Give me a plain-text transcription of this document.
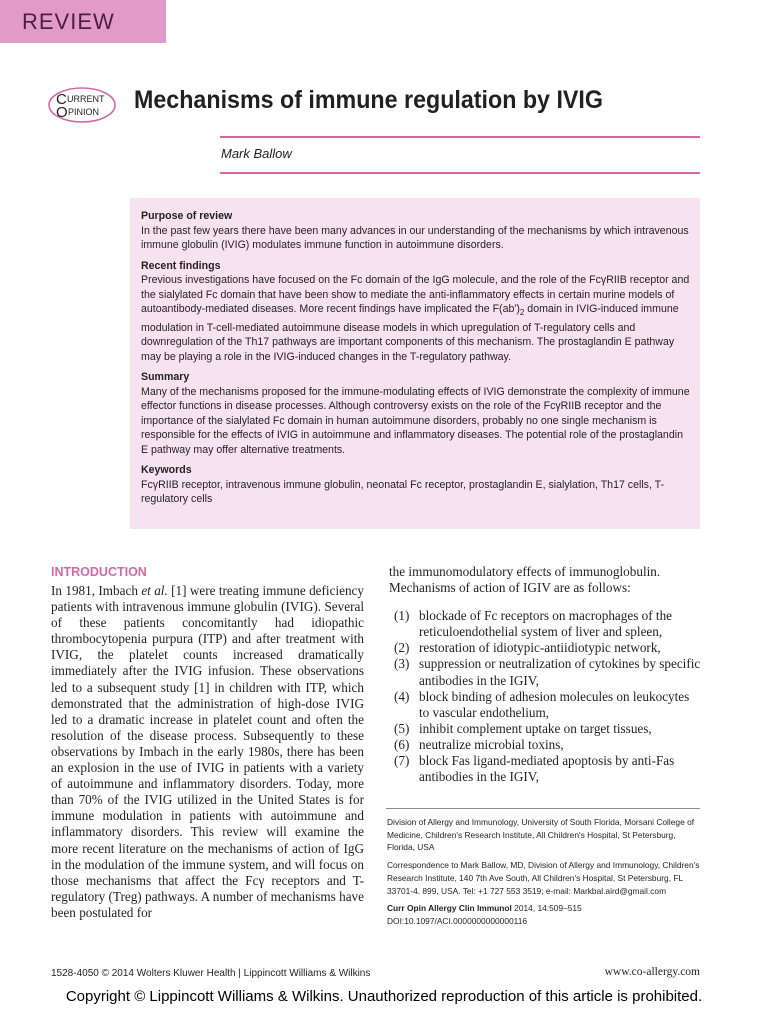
REVIEW
C URRENT
O PINION Mechanisms of immune regulation by IVIG
Mark Ballow
Purpose of review

In the past few years there have been many advances in our understanding of the mechanisms by which intravenous immune globulin (IVIG) modulates immune function in autoimmune disorders.

Recent findings

Previous investigations have focused on the Fc domain of the IgG molecule, and the role of the FcγRIIB receptor and the sialylated Fc domain that have been show to mediate the anti-inflammatory effects in certain murine models of autoantibody-mediated diseases. More recent findings have implicated the $F(ab')_2$ domain in IVIG-induced immune modulation in T-cell-mediated autoimmune disease models in which upregulation of T-regulatory cells and downregulation of the Th17 pathways are important components of this mechanism. The prostaglandin E pathway may be playing a role in the IVIG-induced changes in the T-regulatory pathway.

Summary

Many of the mechanisms proposed for the immune-modulating effects of IVIG demonstrate the complexity of immune effector functions in disease processes. Although controversy exists on the role of the FcγRIIB receptor and the importance of the sialylated Fc domain in human autoimmune disorders, probably no one single mechanism is responsible for the effects of IVIG in autoimmune and inflammatory diseases. The potential role of the prostaglandin E pathway may offer alternative treatments.

Keywords

FcγRIIB receptor, intravenous immune globulin, neonatal Fc receptor, prostaglandin E, sialylation, Th17 cells, T-regulatory cells

INTRODUCTION
In 1981, Imbach et al. [1] were treating immune deficiency patients with intravenous immune globulin (IVIG). Several of these patients concomitantly had idiopathic thrombocytopenia purpura (ITP) and after treatment with IVIG, the platelet counts increased dramatically immediately after the IVIG infusion. These observations led to a subsequent study [1] in children with ITP, which demonstrated that the administration of high-dose IVIG led to a dramatic increase in platelet count and often the resolution of the disease process. Subsequently to these observations by Imbach in the early 1980s, there has been an explosion in the use of IVIG in patients with a variety of autoimmune and inflammatory disorders. Today, more than 70% of the IVIG utilized in the United States is for immune modulation in patients with autoimmune and inflammatory disorders. This review will examine the more recent literature on the mechanisms of action of IgG in the modulation of the immune system, and will focus on those mechanisms that affect the Fcγ receptors and T-regulatory (Treg) pathways. A number of mechanisms have been postulated for

the immunomodulatory effects of immunoglobulin. Mechanisms of action of IGIV are as follows:

(1) blockade of Fc receptors on macrophages of the reticuloendothelial system of liver and spleen,
(2) restoration of idiotypic-antiidiotypic network,
(3) suppression or neutralization of cytokines by specific antibodies in the IGIV,
(4) block binding of adhesion molecules on leukocytes to vascular endothelium,
(5) inhibit complement uptake on target tissues,
(6) neutralize microbial toxins,
(7) block Fas ligand-mediated apoptosis by anti-Fas antibodies in the IGIV,

Division of Allergy and Immunology, University of South Florida, Morsani College of Medicine, Children's Research Institute, All Children's Hospital, St Petersburg, Florida, USA

Correspondence to Mark Ballow, MD, Division of Allergy and Immunology, Children's Research Institute, 140 7th Ave South, All Children's Hospital, St Petersburg, FL 33701-4. 899, USA. Tel: +1 727 553 3519; e-mail: Markbal.aird@gmail.com

Curr Opin Allergy Clin Immunol 2014, 14:509–515

DOI:10.1097/ACI.0000000000000116

1528-4050 © 2014 Wolters Kluwer Health | Lippincott Williams & Wilkins	www.co-allergy.com
Copyright © Lippincott Williams & Wilkins. Unauthorized reproduction of this article is prohibited.
